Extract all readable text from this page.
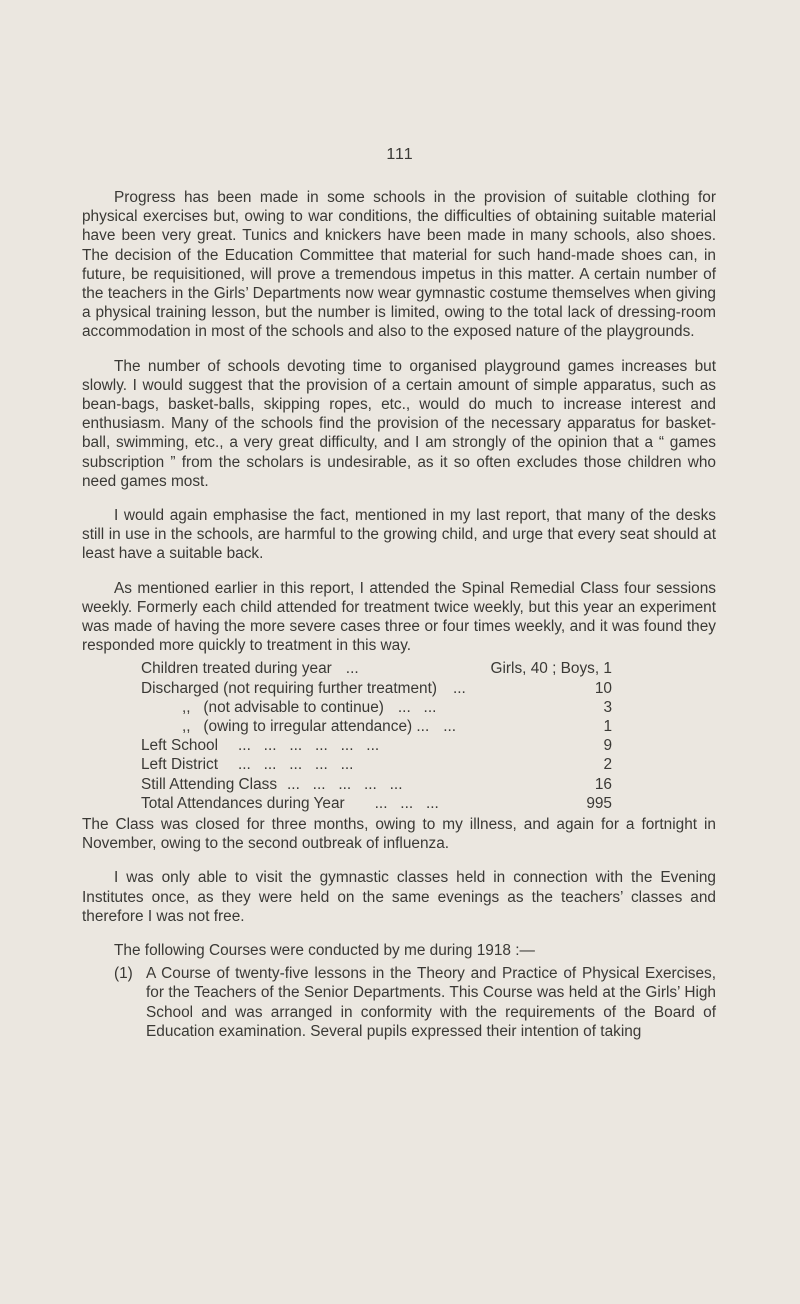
111

Progress has been made in some schools in the provision of suitable clothing for physical exercises but, owing to war conditions, the difficulties of obtaining suitable material have been very great. Tunics and knickers have been made in many schools, also shoes. The decision of the Education Committee that material for such hand-made shoes can, in future, be requisitioned, will prove a tremendous impetus in this matter. A certain number of the teachers in the Girls’ Departments now wear gymnastic costume themselves when giving a physical training lesson, but the number is limited, owing to the total lack of dressing-room accommodation in most of the schools and also to the exposed nature of the playgrounds.

The number of schools devoting time to organised playground games increases but slowly. I would suggest that the provision of a certain amount of simple apparatus, such as bean-bags, basket-balls, skipping ropes, etc., would do much to increase interest and enthusiasm. Many of the schools find the provision of the necessary apparatus for basket-ball, swimming, etc., a very great difficulty, and I am strongly of the opinion that a “ games subscription ” from the scholars is undesirable, as it so often excludes those children who need games most.

I would again emphasise the fact, mentioned in my last report, that many of the desks still in use in the schools, are harmful to the growing child, and urge that every seat should at least have a suitable back.

As mentioned earlier in this report, I attended the Spinal Remedial Class four sessions weekly. Formerly each child attended for treatment twice weekly, but this year an experiment was made of having the more severe cases three or four times weekly, and it was found they responded more quickly to treatment in this way.

Children treated during year ...	Girls, 40 ; Boys, 1
Discharged (not requiring further treatment)	...	10
,,   (not advisable to continue) ...   ...	3
,,   (owing to irregular attendance) ... ...	1
Left School	...   ...   ...   ...   ...   ...	9
Left District	...   ...   ...   ...   ...	2
Still Attending Class ...   ...   ...   ...   ...	16
Total Attendances during Year	...   ...   ...	995

The Class was closed for three months, owing to my illness, and again for a fortnight in November, owing to the second outbreak of influenza.

I was only able to visit the gymnastic classes held in connection with the Evening Institutes once, as they were held on the same evenings as the teachers’ classes and therefore I was not free.

The following Courses were conducted by me during 1918 :—

(1) A Course of twenty-five lessons in the Theory and Practice of Physical Exercises, for the Teachers of the Senior Departments. This Course was held at the Girls’ High School and was arranged in conformity with the requirements of the Board of Education examination. Several pupils expressed their intention of taking
